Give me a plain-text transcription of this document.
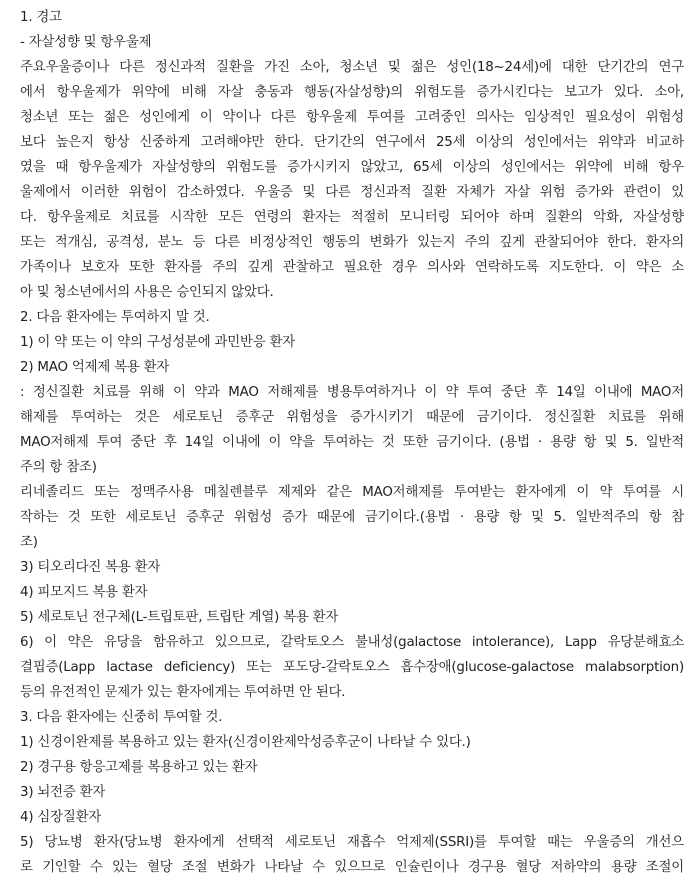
1. 경고
- 자살성향 및 항우울제
주요우울증이나 다른 정신과적 질환을 가진 소아, 청소년 및 젊은 성인(18~24세)에 대한 단기간의 연구
에서 항우울제가 위약에 비해 자살 충동과 행동(자살성향)의 위험도를 증가시킨다는 보고가 있다. 소아,
청소년 또는 젊은 성인에게 이 약이나 다른 항우울제 투여를 고려중인 의사는 임상적인 필요성이 위험성
보다 높은지 항상 신중하게 고려해야만 한다. 단기간의 연구에서 25세 이상의 성인에서는 위약과 비교하
였을 때 항우울제가 자살성향의 위험도를 증가시키지 않았고, 65세 이상의 성인에서는 위약에 비해 항우
울제에서 이러한 위험이 감소하였다. 우울증 및 다른 정신과적 질환 자체가 자살 위험 증가와 관련이 있
다. 항우울제로 치료를 시작한 모든 연령의 환자는 적절히 모니터링 되어야 하며 질환의 악화, 자살성향
또는 적개심, 공격성, 분노 등 다른 비정상적인 행동의 변화가 있는지 주의 깊게 관찰되어야 한다. 환자의
가족이나 보호자 또한 환자를 주의 깊게 관찰하고 필요한 경우 의사와 연락하도록 지도한다. 이 약은 소
아 및 청소년에서의 사용은 승인되지 않았다.
2. 다음 환자에는 투여하지 말 것.
1) 이 약 또는 이 약의 구성성분에 과민반응 환자
2) MAO 억제제 복용 환자
: 정신질환 치료를 위해 이 약과 MAO 저해제를 병용투여하거나 이 약 투여 중단 후 14일 이내에 MAO저
해제를 투여하는 것은 세로토닌 증후군 위험성을 증가시키기 때문에 금기이다. 정신질환 치료를 위해
MAO저해제 투여 중단 후 14일 이내에 이 약을 투여하는 것 또한 금기이다. (용법 · 용량 항 및 5. 일반적
주의 항 참조)
리네졸리드 또는 정맥주사용 메칠렌블루 제제와 같은 MAO저해제를 투여받는 환자에게 이 약 투여를 시
작하는 것 또한 세로토닌 증후군 위험성 증가 때문에 금기이다.(용법 · 용량 항 및 5. 일반적주의 항 참
조)
3) 티오리다진 복용 환자
4) 피모지드 복용 환자
5) 세로토닌 전구체(L-트립토판, 트립탄 계열) 복용 환자
6) 이 약은 유당을 함유하고 있으므로, 갈락토오스 불내성(galactose intolerance), Lapp 유당분해효소
결핍증(Lapp lactase deficiency) 또는 포도당-갈락토오스 흡수장애(glucose-galactose malabsorption)
등의 유전적인 문제가 있는 환자에게는 투여하면 안 된다.
3. 다음 환자에는 신중히 투여할 것.
1) 신경이완제를 복용하고 있는 환자(신경이완제악성증후군이 나타날 수 있다.)
2) 경구용 항응고제를 복용하고 있는 환자
3) 뇌전증 환자
4) 심장질환자
5) 당뇨병 환자(당뇨병 환자에게 선택적 세로토닌 재흡수 억제제(SSRI)를 투여할 때는 우울증의 개선으
로 기인할 수 있는 혈당 조절 변화가 나타날 수 있으므로 인슐린이나 경구용 혈당 저하약의 용량 조절이
